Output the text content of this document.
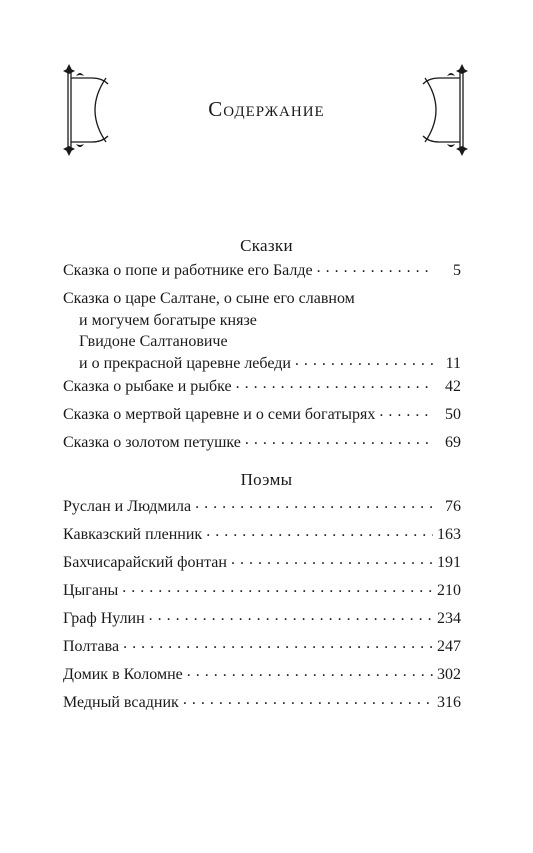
Содержание
Сказки
Сказка о попе и работнике его Балде . . .	5
Сказка о царе Салтане, о сыне его славном
и могучем богатыре князе
Гвидоне Салтановиче
и о прекрасной царевне лебеди . . .	11
Сказка о рыбаке и рыбке . . .	42
Сказка о мертвой царевне и о семи богатырях . . .	50
Сказка о золотом петушке . . .	69
Поэмы
Руслан и Людмила . . .	76
Кавказский пленник . . .	163
Бахчисарайский фонтан . . .	191
Цыганы . . .	210
Граф Нулин . . .	234
Полтава . . .	247
Домик в Коломне . . .	302
Медный всадник . . .	316
